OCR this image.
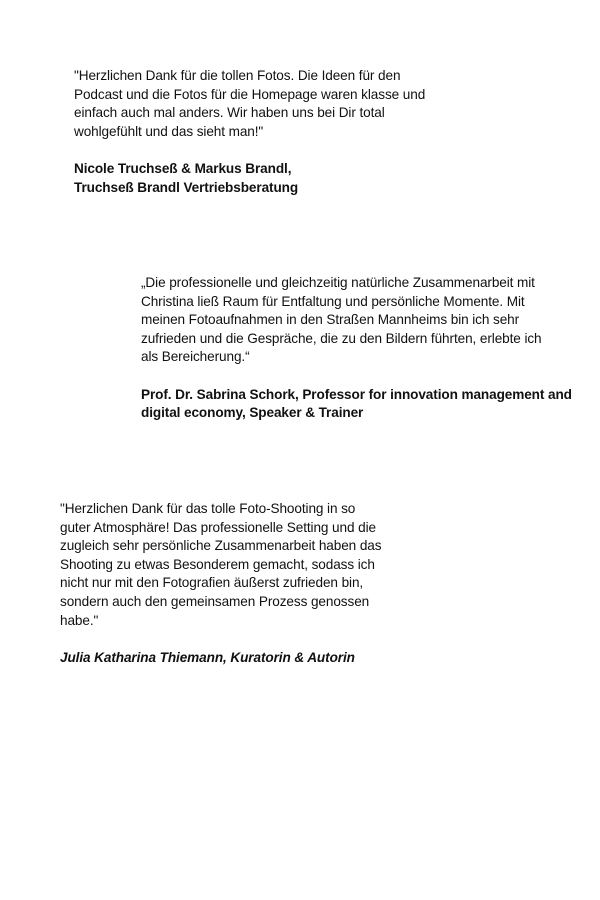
"Herzlichen Dank für die tollen Fotos. Die Ideen für den
Podcast und die Fotos für die Homepage waren klasse und
einfach auch mal anders. Wir haben uns bei Dir total
wohlgefühlt und das sieht man!"
Nicole Truchseß & Markus Brandl,
Truchseß Brandl Vertriebsberatung
„Die professionelle und gleichzeitig natürliche Zusammenarbeit mit
Christina ließ Raum für Entfaltung und persönliche Momente. Mit
meinen Fotoaufnahmen in den Straßen Mannheims bin ich sehr
zufrieden und die Gespräche, die zu den Bildern führten, erlebte ich
als Bereicherung.“
Prof. Dr. Sabrina Schork, Professor for innovation management and
digital economy, Speaker & Trainer
"Herzlichen Dank für das tolle Foto-Shooting in so
guter Atmosphäre! Das professionelle Setting und die
zugleich sehr persönliche Zusammenarbeit haben das
Shooting zu etwas Besonderem gemacht, sodass ich
nicht nur mit den Fotografien äußerst zufrieden bin,
sondern auch den gemeinsamen Prozess genossen
habe."
Julia Katharina Thiemann, Kuratorin & Autorin
